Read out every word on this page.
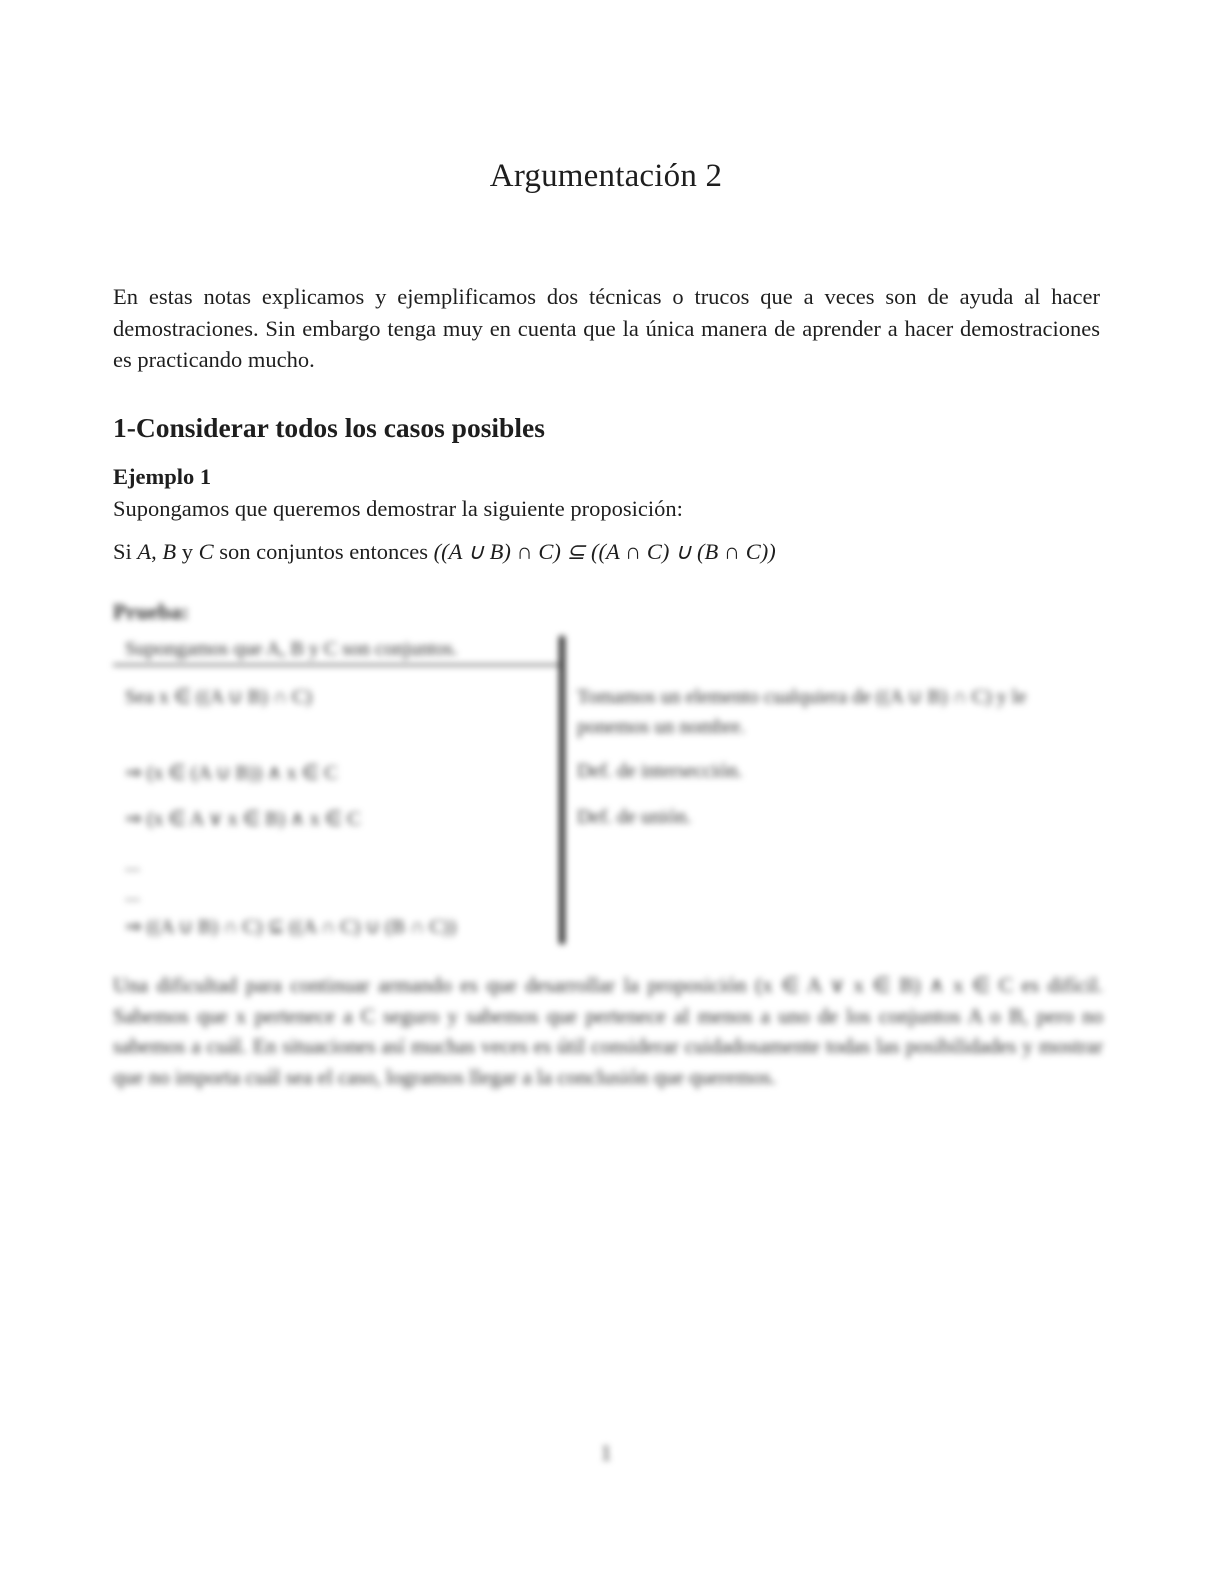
Argumentación 2
En estas notas explicamos y ejemplificamos dos técnicas o trucos que a veces son de ayuda al hacer demostraciones. Sin embargo tenga muy en cuenta que la única manera de aprender a hacer demostraciones es practicando mucho.
1-Considerar todos los casos posibles
Ejemplo 1
Supongamos que queremos demostrar la siguiente proposición:
Si A, B y C son conjuntos entonces ((A ∪ B) ∩ C) ⊆ ((A ∩ C) ∪ (B ∩ C))
Prueba:
Supongamos que A, B y C son conjuntos.
Sea x ∈ ((A ∪ B) ∩ C)	Tomamos un elemento cualquiera de ((A ∪ B) ∩ C) y le ponemos un nombre.
⇒ (x ∈ (A ∪ B)) ∧ x ∈ C	Def. de intersección.
⇒ (x ∈ A ∨ x ∈ B) ∧ x ∈ C	Def. de unión.
...
...
⇒ ((A ∪ B) ∩ C) ⊆ ((A ∩ C) ∪ (B ∩ C))
Una dificultad para continuar armando es que desarrollar la proposición (x ∈ A ∨ x ∈ B) ∧ x ∈ C es difícil. Sabemos que x pertenece a C seguro y sabemos que pertenece al menos a uno de los conjuntos A o B, pero no sabemos a cuál. En situaciones así muchas veces es útil considerar cuidadosamente todas las posibilidades y mostrar que no importa cuál sea el caso, logramos llegar a la conclusión que queremos.
1
